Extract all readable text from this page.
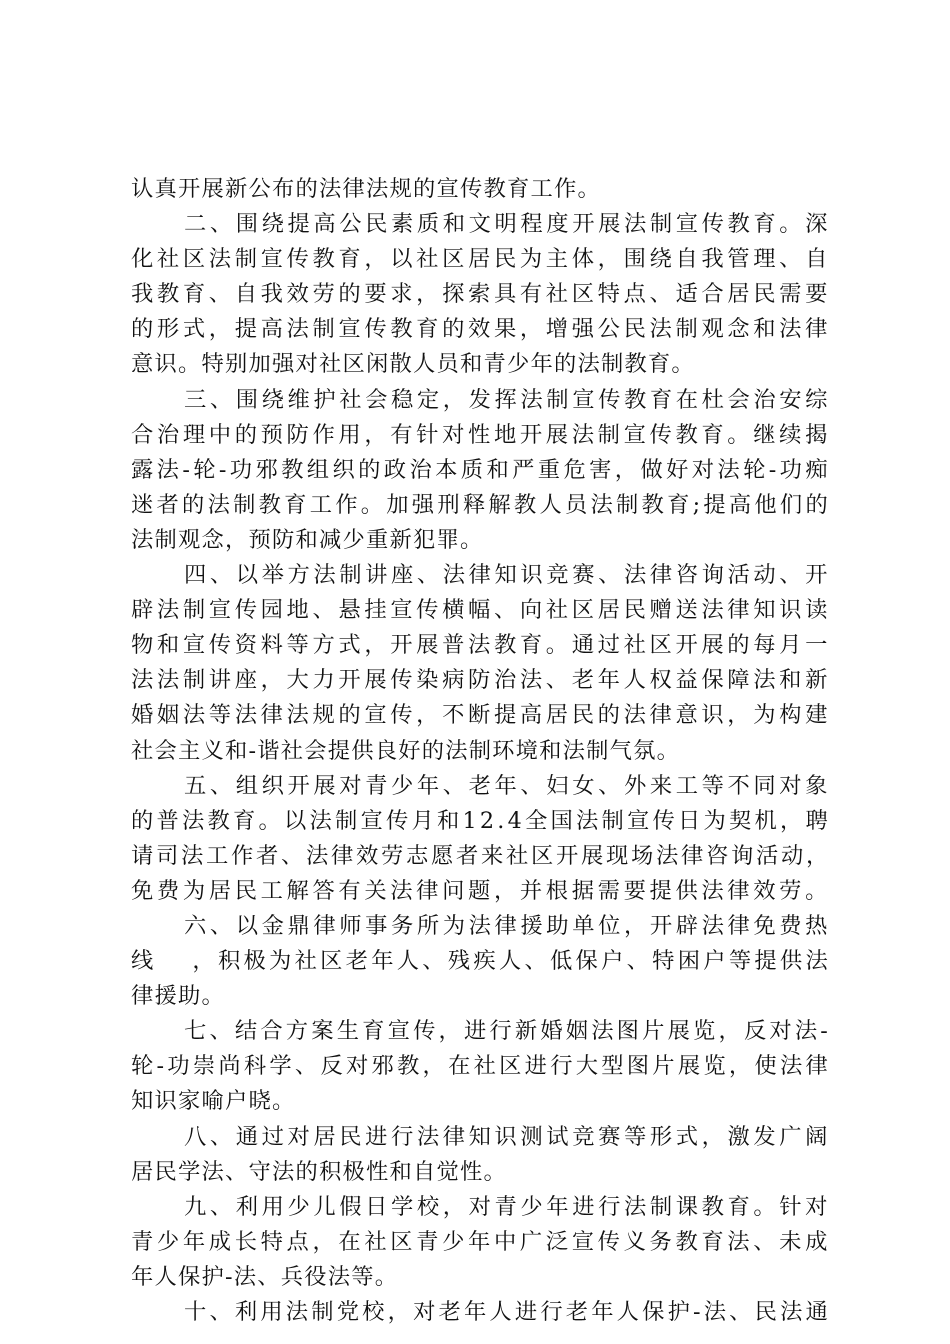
认真开展新公布的法律法规的宣传教育工作。
二、围绕提高公民素质和文明程度开展法制宣传教育。深
化社区法制宣传教育，以社区居民为主体，围绕自我管理、自
我教育、自我效劳的要求，探索具有社区特点、适合居民需要
的形式，提高法制宣传教育的效果，增强公民法制观念和法律
意识。特别加强对社区闲散人员和青少年的法制教育。
三、围绕维护社会稳定，发挥法制宣传教育在杜会治安综
合治理中的预防作用，有针对性地开展法制宣传教育。继续揭
露法-轮-功邪教组织的政治本质和严重危害，做好对法轮-功痴
迷者的法制教育工作。加强刑释解教人员法制教育;提高他们的
法制观念，预防和减少重新犯罪。
四、以举方法制讲座、法律知识竞赛、法律咨询活动、开
辟法制宣传园地、悬挂宣传横幅、向社区居民赠送法律知识读
物和宣传资料等方式，开展普法教育。通过社区开展的每月一
法法制讲座，大力开展传染病防治法、老年人权益保障法和新
婚姻法等法律法规的宣传，不断提高居民的法律意识，为构建
社会主义和-谐社会提供良好的法制环境和法制气氛。
五、组织开展对青少年、老年、妇女、外来工等不同对象
的普法教育。以法制宣传月和12.4全国法制宣传日为契机，聘
请司法工作者、法律效劳志愿者来社区开展现场法律咨询活动，
免费为居民工解答有关法律问题，并根据需要提供法律效劳。
六、以金鼎律师事务所为法律援助单位，开辟法律免费热
线　 ，积极为社区老年人、残疾人、低保户、特困户等提供法
律援助。
七、结合方案生育宣传，进行新婚姻法图片展览，反对法-
轮-功崇尚科学、反对邪教，在社区进行大型图片展览，使法律
知识家喻户晓。
八、通过对居民进行法律知识测试竞赛等形式，激发广阔
居民学法、守法的积极性和自觉性。
九、利用少儿假日学校，对青少年进行法制课教育。针对
青少年成长特点，在社区青少年中广泛宣传义务教育法、未成
年人保护-法、兵役法等。
十、利用法制党校，对老年人进行老年人保护-法、民法通
